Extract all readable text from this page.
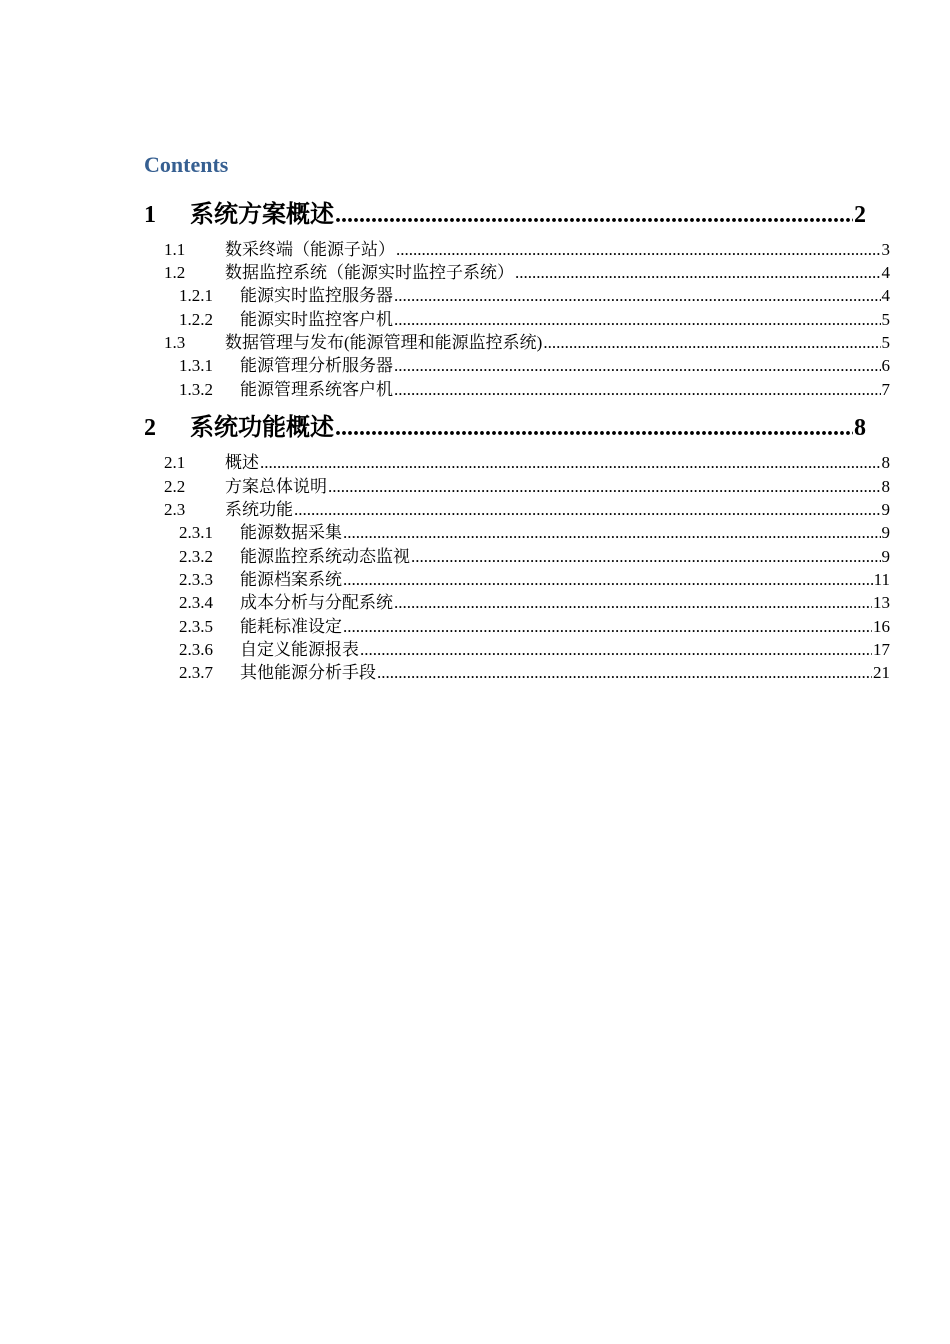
Contents
1	系统方案概述 .....	2
1.1	数采终端（能源子站） .....	3
1.2	数据监控系统（能源实时监控子系统） .....	4
1.2.1	能源实时监控服务器 .....	4
1.2.2	能源实时监控客户机 .....	5
1.3	数据管理与发布(能源管理和能源监控系统) .....	5
1.3.1	能源管理分析服务器 .....	6
1.3.2	能源管理系统客户机 .....	7
2	系统功能概述 .....	8
2.1	概述 .....	8
2.2	方案总体说明 .....	8
2.3	系统功能 .....	9
2.3.1	能源数据采集 .....	9
2.3.2	能源监控系统动态监视 .....	9
2.3.3	能源档案系统 .....	11
2.3.4	成本分析与分配系统 .....	13
2.3.5	能耗标准设定 .....	16
2.3.6	自定义能源报表 .....	17
2.3.7	其他能源分析手段 .....	21
